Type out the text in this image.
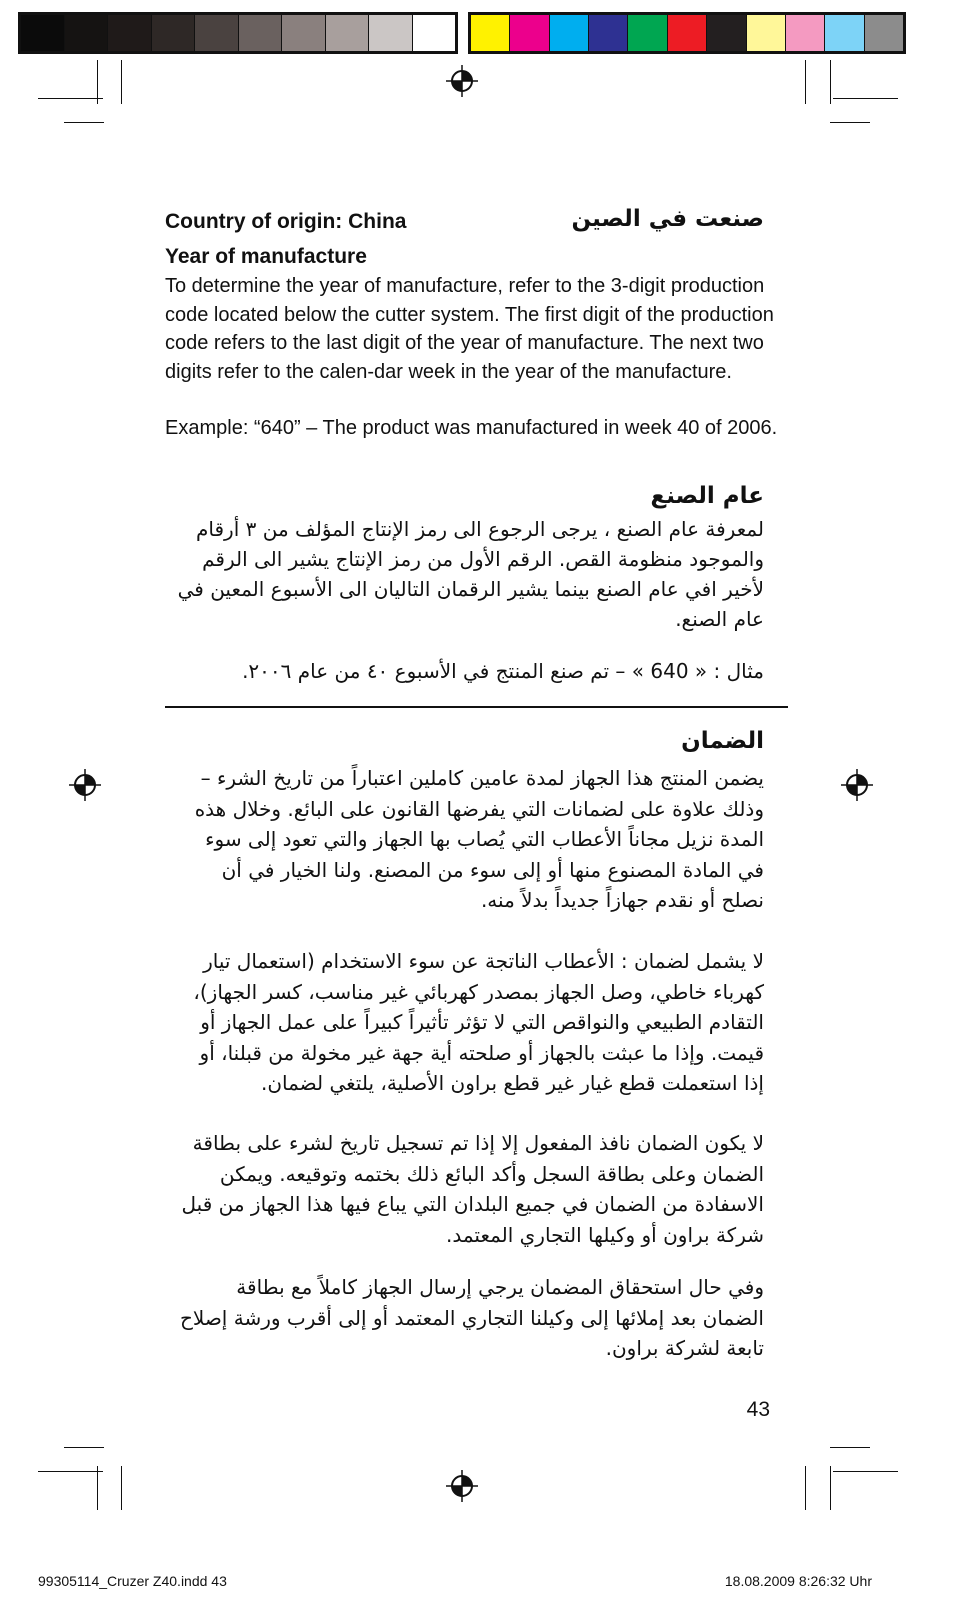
Country of origin: China	صنعت في الصين
Year of manufacture

To determine the year of manufacture, refer to the 3-digit production code located below the cutter system. The first digit of the production code refers to the last digit of the year of manufacture. The next two digits refer to the calen-dar week in the year of the manufacture.

Example: “640” – The product was manufactured in week 40 of 2006.

عام الصنع

لمعرفة عام الصنع ، يرجى الرجوع الى رمز الإنتاج المؤلف من ٣ أرقام والموجود منظومة القص. الرقم الأول من رمز الإنتاج يشير الى الرقم لأخير افي عام الصنع بينما يشير الرقمان التاليان الى الأسبوع المعين في عام الصنع.

مثال : « 640 » – تم صنع المنتج في الأسبوع ٤٠ من عام ٢٠٠٦.

الضمان

يضمن المنتج هذا الجهاز لمدة عامين كاملين اعتباراً من تاريخ الشرء – وذلك علاوة على لضمانات التي يفرضها القانون على البائع. وخلال هذه المدة نزيل مجاناً الأعطاب التي يُصاب بها الجهاز والتي تعود إلى سوء في المادة المصنوع منها أو إلى سوء من المصنع. ولنا الخيار في أن نصلح أو نقدم جهازاً جديداً بدلاً منه.

لا يشمل لضمان : الأعطاب الناتجة عن سوء الاستخدام (استعمال تيار كهرباء خاطي، وصل الجهاز بمصدر كهربائي غير مناسب، كسر الجهاز)، التقادم الطبيعي والنواقص التي لا تؤثر تأثيراً كبيراً على عمل الجهاز أو قيمت. وإذا ما عبثت بالجهاز أو صلحته أية جهة غير مخولة من قبلنا، أو إذا استعملت قطع غيار غير قطع براون الأصلية، يلتغي لضمان.

لا يكون الضمان نافذ المفعول إلا إذا تم تسجيل تاريخ لشرء على بطاقة الضمان وعلى بطاقة السجل وأكد البائع ذلك بختمه وتوقيعه. ويمكن الاسفادة من الضمان في جميع البلدان التي يباع فيها هذا الجهاز من قبل شركة براون أو وكيلها التجاري المعتمد.

وفي حال استحقاق المضمان يرجي إرسال الجهاز كاملاً مع بطاقة الضمان بعد إملائها إلى وكيلنا التجاري المعتمد أو إلى أقرب ورشة إصلاح تابعة لشركة براون.

43
99305114_Cruzer Z40.indd 43	18.08.2009 8:26:32 Uhr
